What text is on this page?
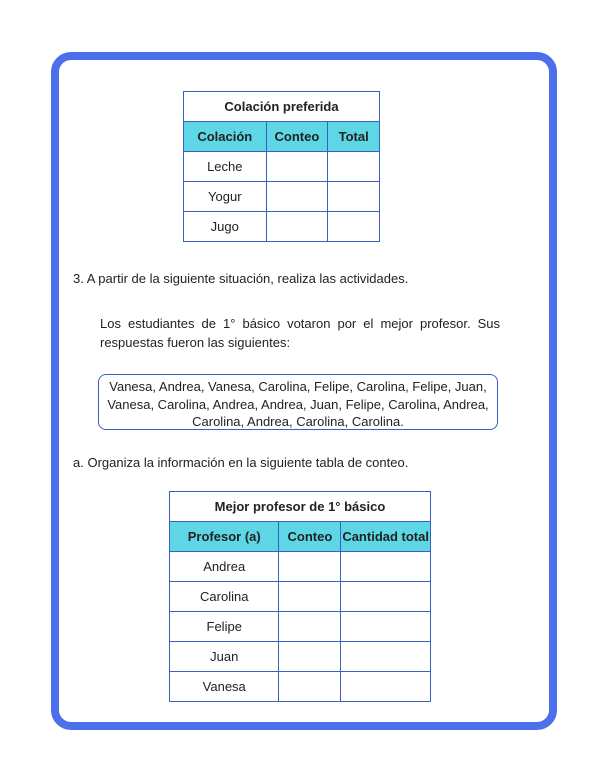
Colación preferida		
Colación	Conteo	Total
Leche		
Yogur		
Jugo		
3. A partir de la siguiente situación, realiza las actividades.
Los estudiantes de 1° básico votaron por el mejor profesor. Sus respuestas fueron las siguientes:
Vanesa, Andrea, Vanesa, Carolina, Felipe, Carolina, Felipe, Juan, Vanesa, Carolina, Andrea, Andrea, Juan, Felipe, Carolina, Andrea, Carolina, Andrea, Carolina, Carolina.
a. Organiza la información en la siguiente tabla de conteo.
Mejor profesor de 1° básico		
Profesor (a)	Conteo	Cantidad total
Andrea		
Carolina		
Felipe		
Juan		
Vanesa		
